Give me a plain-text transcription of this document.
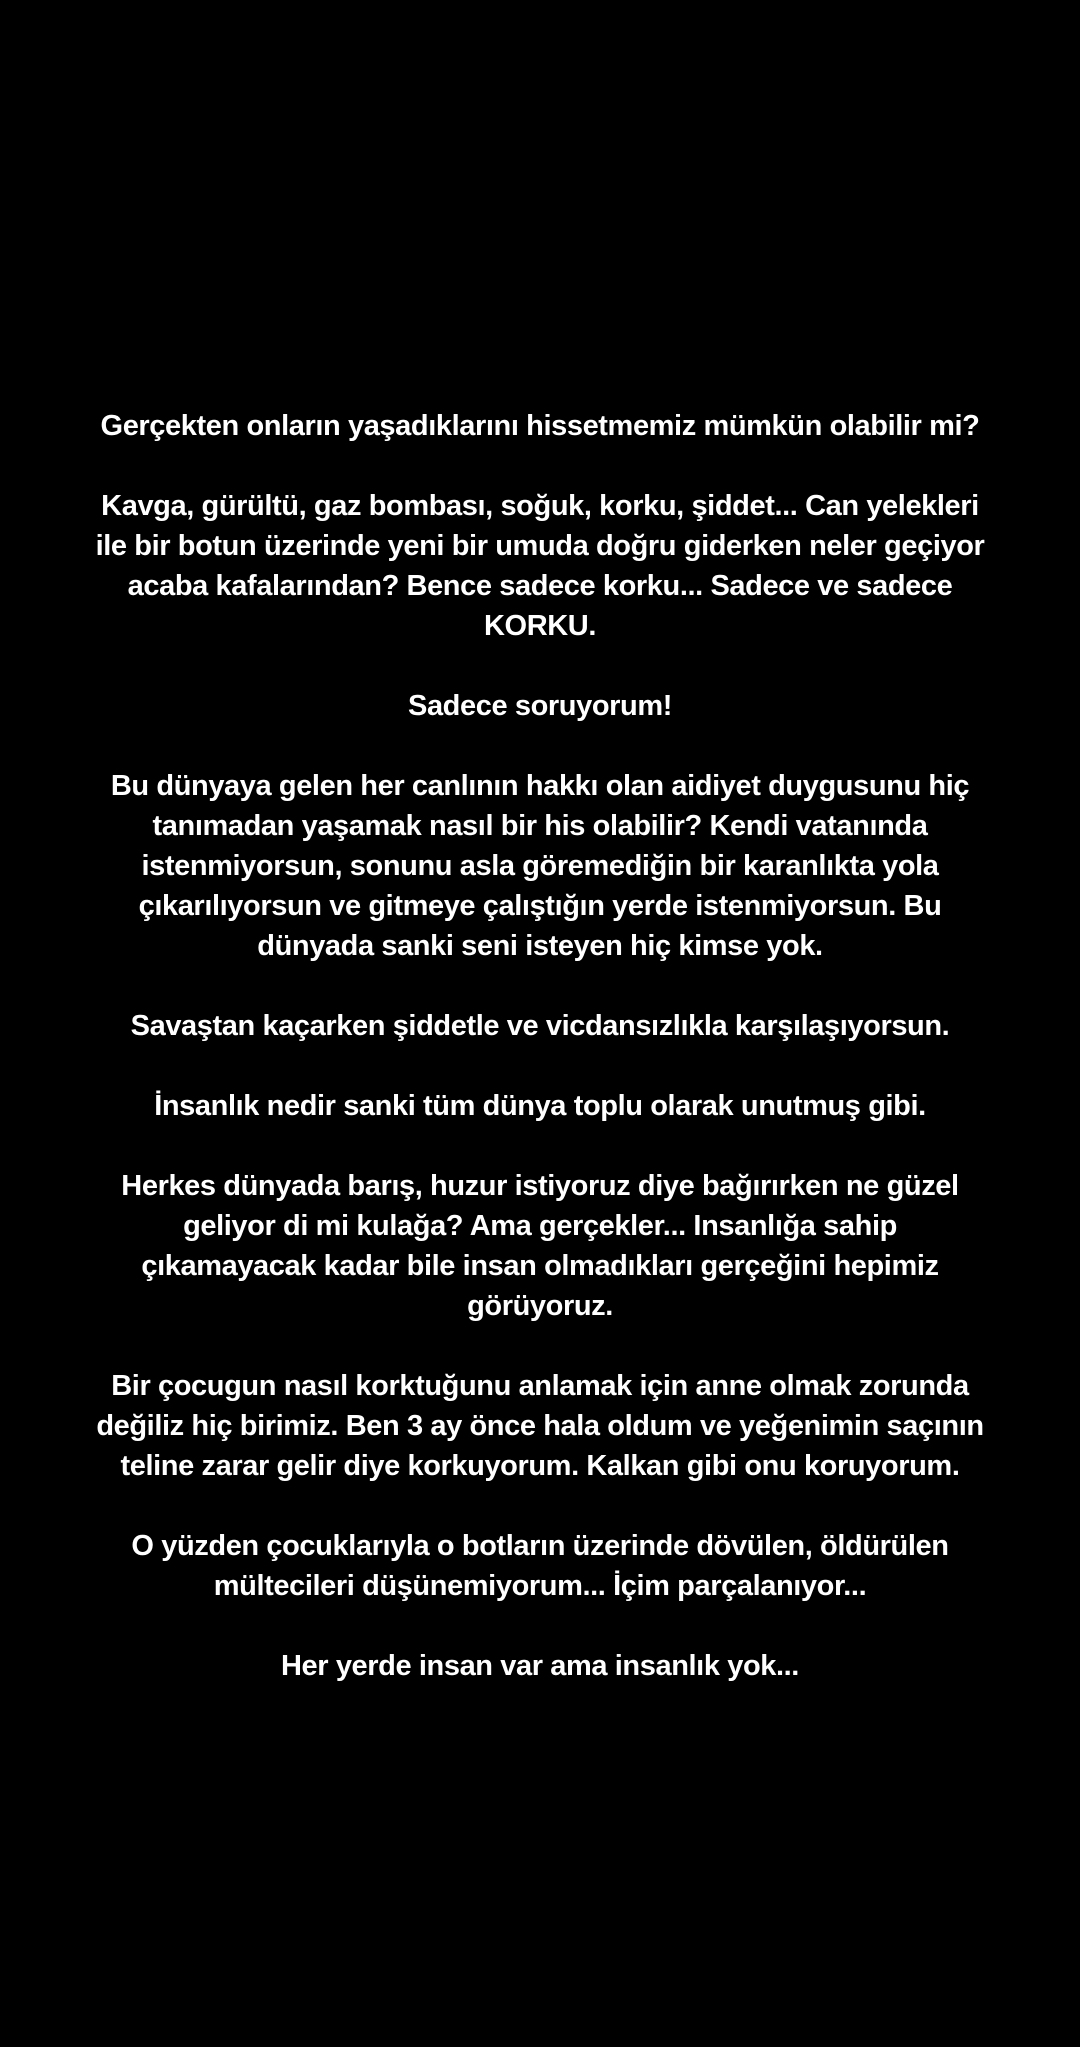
Gerçekten onların yaşadıklarını hissetmemiz mümkün olabilir mi?

Kavga, gürültü, gaz bombası, soğuk, korku, şiddet... Can yelekleri
ile bir botun üzerinde yeni bir umuda doğru giderken neler geçiyor
acaba kafalarından? Bence sadece korku... Sadece ve sadece
KORKU.

Sadece soruyorum!

Bu dünyaya gelen her canlının hakkı olan aidiyet duygusunu hiç
tanımadan yaşamak nasıl bir his olabilir? Kendi vatanında
istenmiyorsun, sonunu asla göremediğin bir karanlıkta yola
çıkarılıyorsun ve gitmeye çalıştığın yerde istenmiyorsun. Bu
dünyada sanki seni isteyen hiç kimse yok.

Savaştan kaçarken şiddetle ve vicdansızlıkla karşılaşıyorsun.

İnsanlık nedir sanki tüm dünya toplu olarak unutmuş gibi.

Herkes dünyada barış, huzur istiyoruz diye bağırırken ne güzel
geliyor di mi kulağa? Ama gerçekler... Insanlığa sahip
çıkamayacak kadar bile insan olmadıkları gerçeğini hepimiz
görüyoruz.

Bir çocugun nasıl korktuğunu anlamak için anne olmak zorunda
değiliz hiç birimiz. Ben 3 ay önce hala oldum ve yeğenimin saçının
teline zarar gelir diye korkuyorum. Kalkan gibi onu koruyorum.

O yüzden çocuklarıyla o botların üzerinde dövülen, öldürülen
mültecileri düşünemiyorum... İçim parçalanıyor...

Her yerde insan var ama insanlık yok...
